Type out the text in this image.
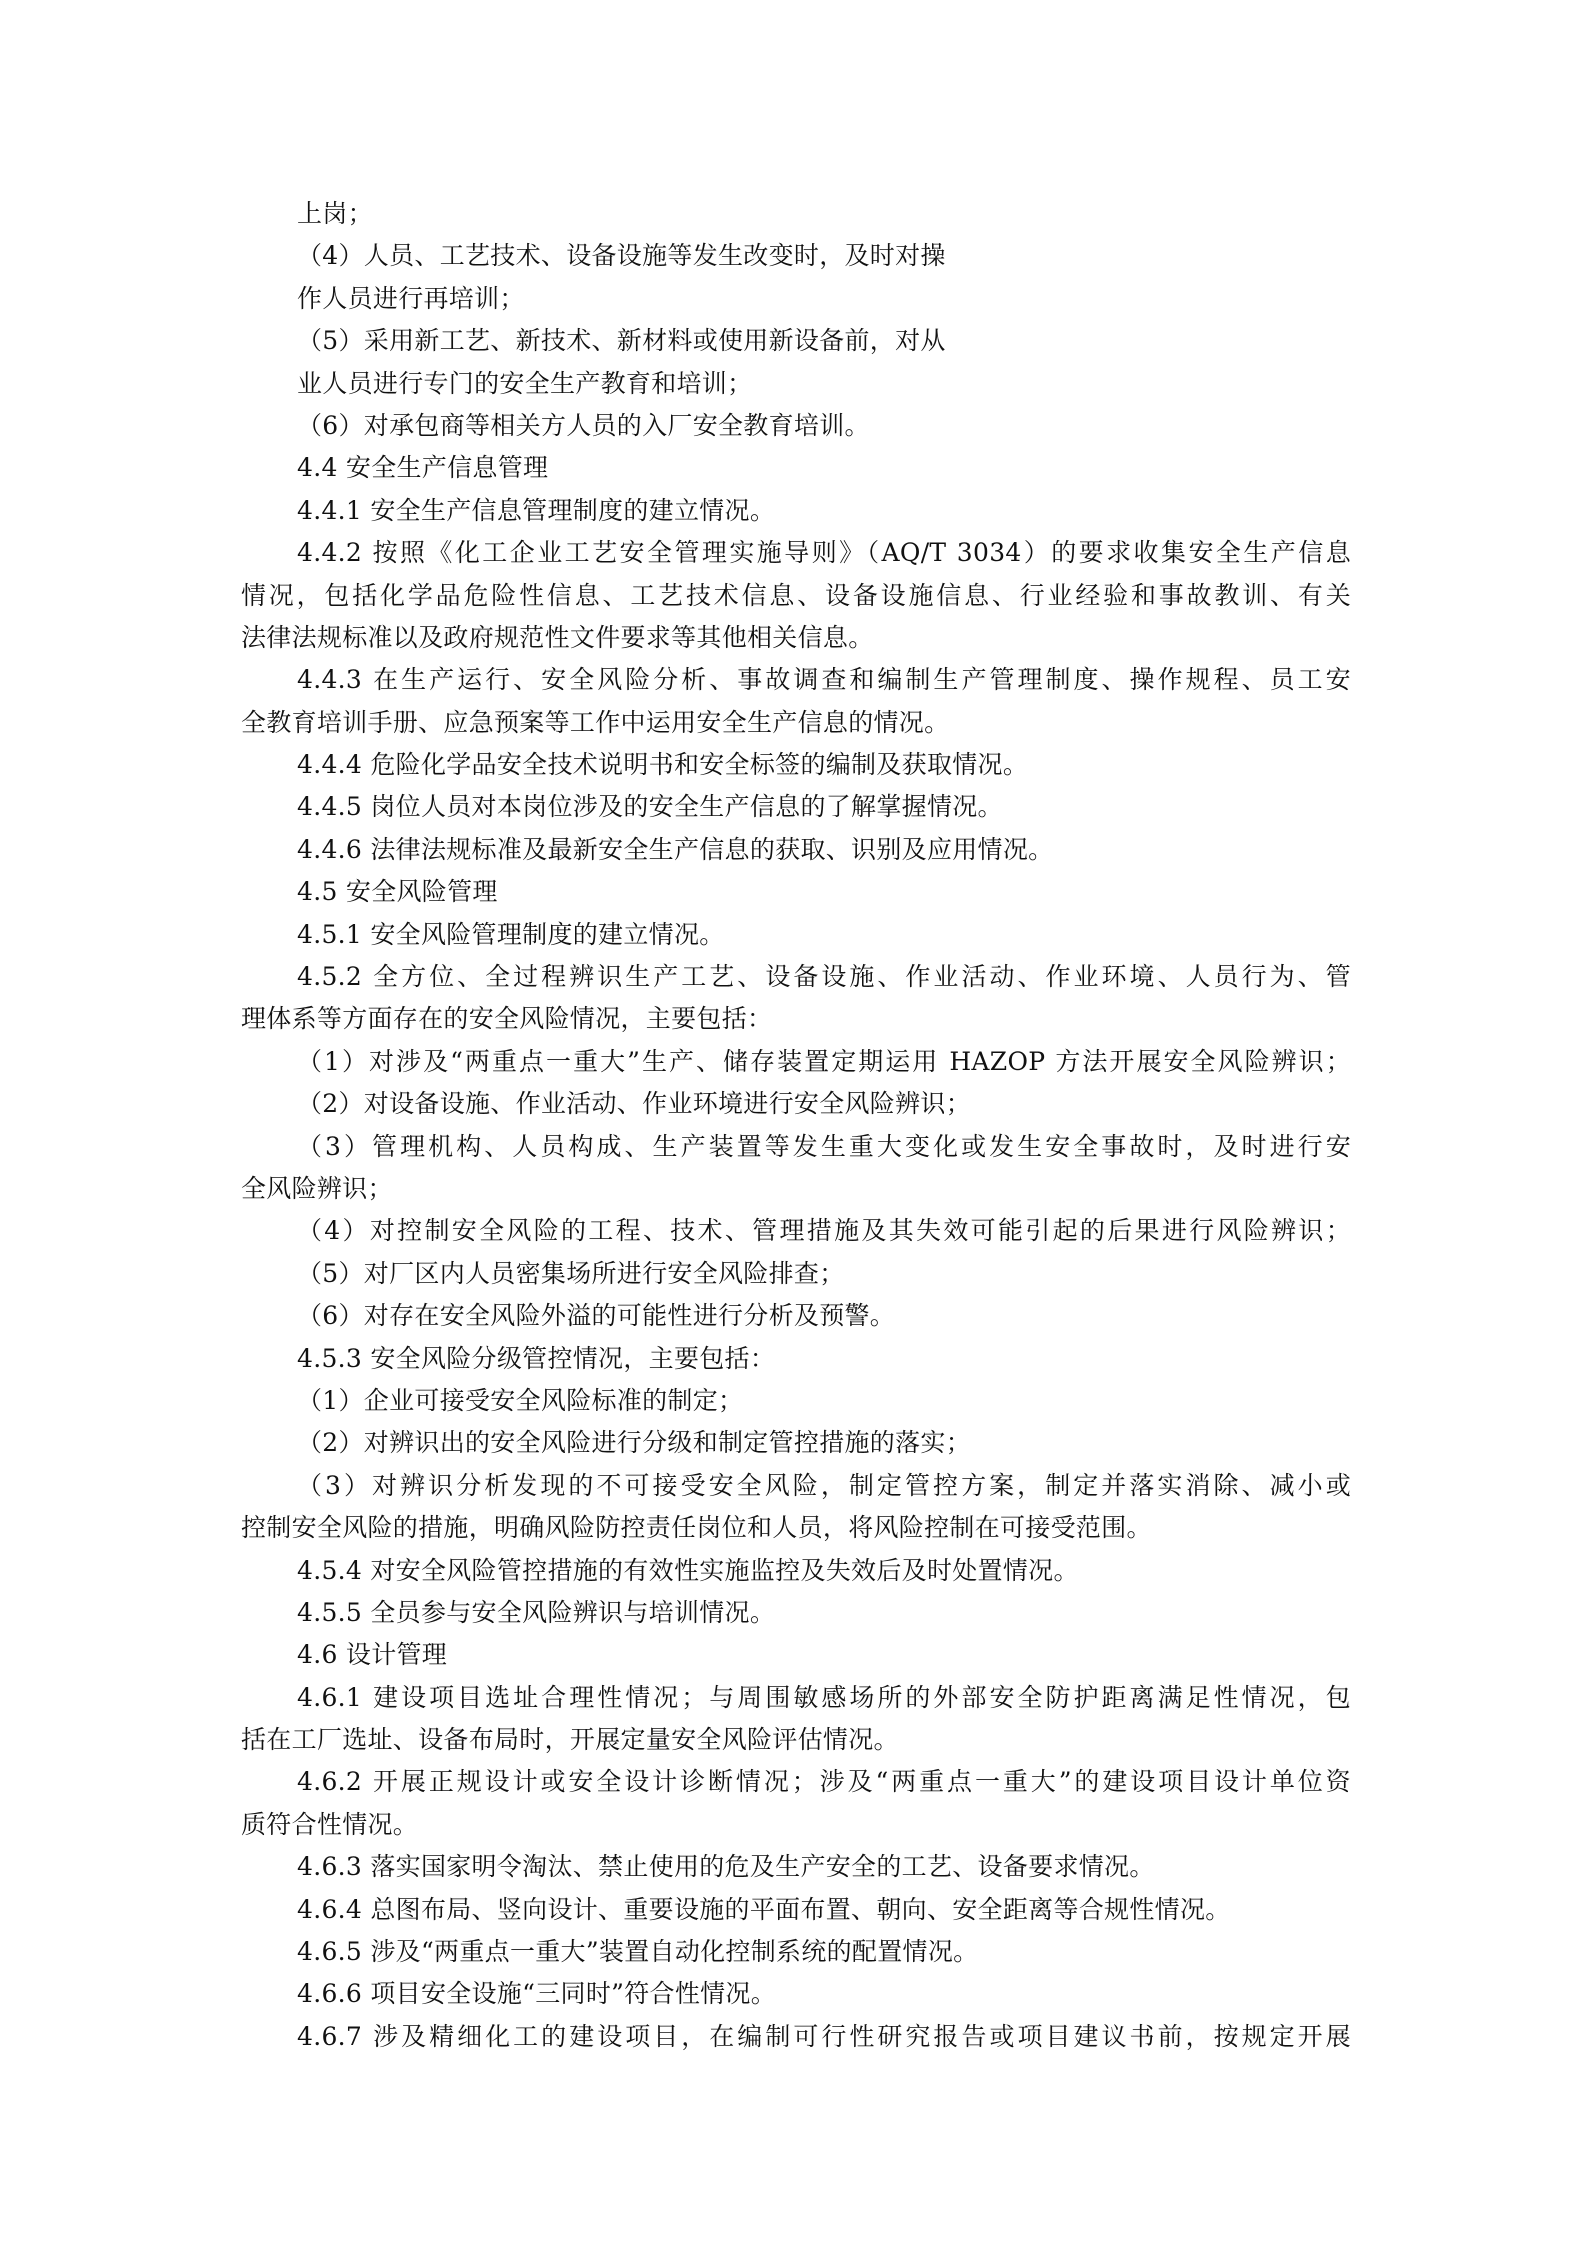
上岗；
（4）人员、工艺技术、设备设施等发生改变时，及时对操
作人员进行再培训；
（5）采用新工艺、新技术、新材料或使用新设备前，对从
业人员进行专门的安全生产教育和培训；
（6）对承包商等相关方人员的入厂安全教育培训。
4.4 安全生产信息管理
4.4.1 安全生产信息管理制度的建立情况。
4.4.2 按照《化工企业工艺安全管理实施导则》（AQ/T 3034）的要求收集安全生产信息
情况，包括化学品危险性信息、工艺技术信息、设备设施信息、行业经验和事故教训、有关
法律法规标准以及政府规范性文件要求等其他相关信息。
4.4.3 在生产运行、安全风险分析、事故调查和编制生产管理制度、操作规程、员工安
全教育培训手册、应急预案等工作中运用安全生产信息的情况。
4.4.4 危险化学品安全技术说明书和安全标签的编制及获取情况。
4.4.5 岗位人员对本岗位涉及的安全生产信息的了解掌握情况。
4.4.6 法律法规标准及最新安全生产信息的获取、识别及应用情况。
4.5 安全风险管理
4.5.1 安全风险管理制度的建立情况。
4.5.2 全方位、全过程辨识生产工艺、设备设施、作业活动、作业环境、人员行为、管
理体系等方面存在的安全风险情况，主要包括：
（1）对涉及“两重点一重大”生产、储存装置定期运用 HAZOP 方法开展安全风险辨识；
（2）对设备设施、作业活动、作业环境进行安全风险辨识；
（3）管理机构、人员构成、生产装置等发生重大变化或发生安全事故时，及时进行安
全风险辨识；
（4）对控制安全风险的工程、技术、管理措施及其失效可能引起的后果进行风险辨识；
（5）对厂区内人员密集场所进行安全风险排查；
（6）对存在安全风险外溢的可能性进行分析及预警。
4.5.3 安全风险分级管控情况，主要包括：
（1）企业可接受安全风险标准的制定；
（2）对辨识出的安全风险进行分级和制定管控措施的落实；
（3）对辨识分析发现的不可接受安全风险，制定管控方案，制定并落实消除、减小或
控制安全风险的措施，明确风险防控责任岗位和人员，将风险控制在可接受范围。
4.5.4 对安全风险管控措施的有效性实施监控及失效后及时处置情况。
4.5.5 全员参与安全风险辨识与培训情况。
4.6 设计管理
4.6.1 建设项目选址合理性情况；与周围敏感场所的外部安全防护距离满足性情况，包
括在工厂选址、设备布局时，开展定量安全风险评估情况。
4.6.2 开展正规设计或安全设计诊断情况；涉及“两重点一重大”的建设项目设计单位资
质符合性情况。
4.6.3 落实国家明令淘汰、禁止使用的危及生产安全的工艺、设备要求情况。
4.6.4 总图布局、竖向设计、重要设施的平面布置、朝向、安全距离等合规性情况。
4.6.5 涉及“两重点一重大”装置自动化控制系统的配置情况。
4.6.6 项目安全设施“三同时”符合性情况。
4.6.7 涉及精细化工的建设项目，在编制可行性研究报告或项目建议书前，按规定开展
